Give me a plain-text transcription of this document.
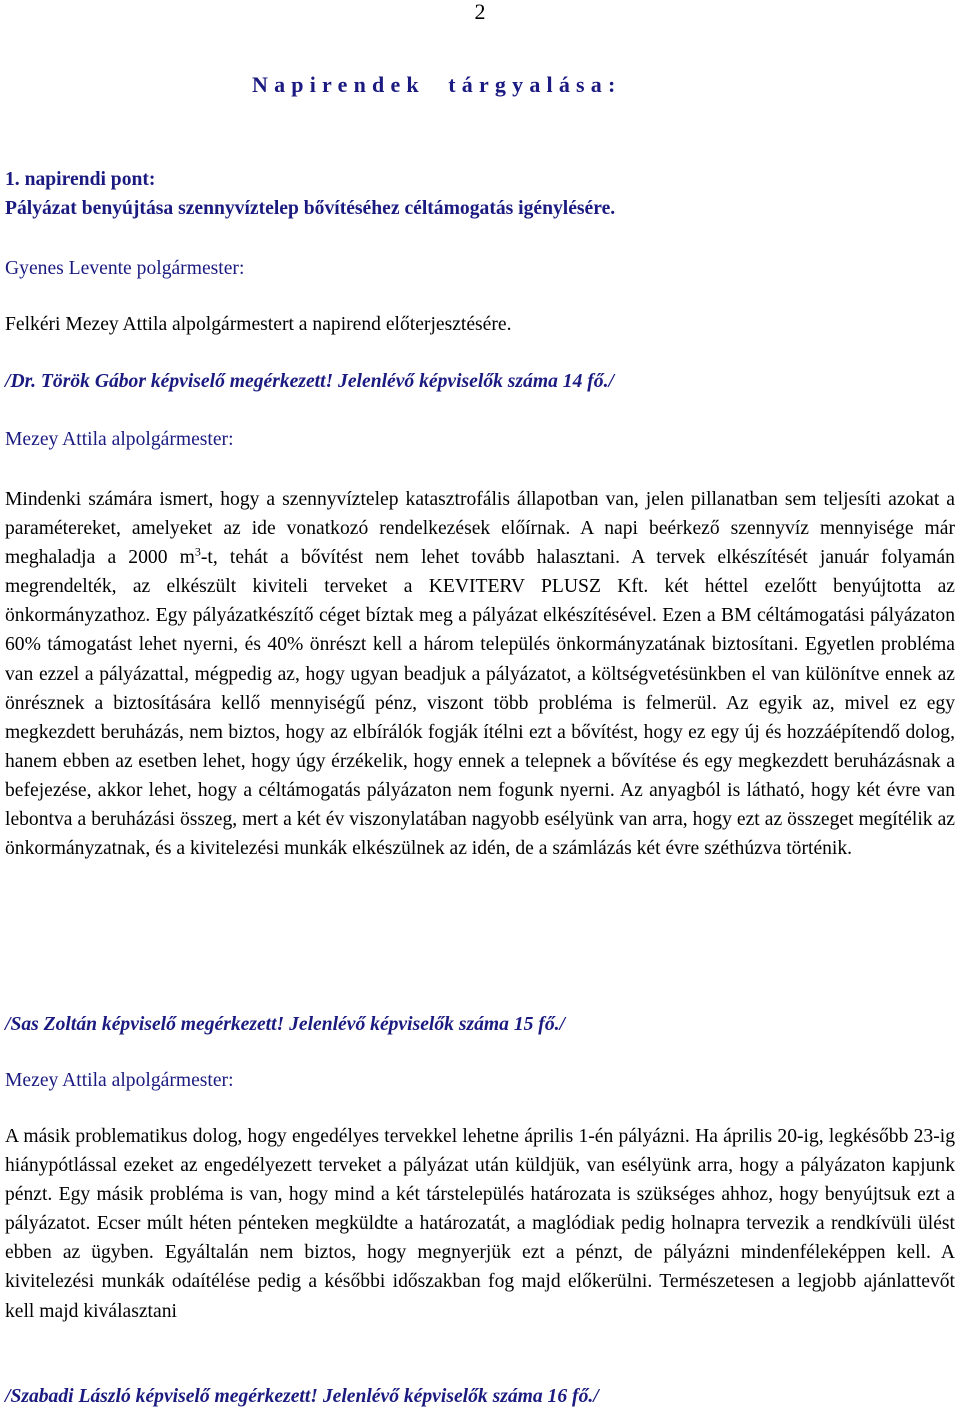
2
Napirendek  tárgyalása:
1. napirendi pont:
Pályázat benyújtása szennyvíztelep bővítéséhez céltámogatás igénylésére.
Gyenes Levente polgármester:
Felkéri Mezey Attila alpolgármestert a napirend előterjesztésére.
/Dr. Török Gábor képviselő megérkezett! Jelenlévő képviselők száma 14 fő./
Mezey Attila alpolgármester:
Mindenki számára ismert, hogy a szennyvíztelep katasztrofális állapotban van, jelen pillanatban sem teljesíti azokat a paramétereket, amelyeket az ide vonatkozó rendelkezések előírnak. A napi beérkező szennyvíz mennyisége már meghaladja a 2000 $m^3-t$, tehát a bővítést nem lehet tovább halasztani. A tervek elkészítését január folyamán megrendelték, az elkészült kiviteli terveket a KEVITERV PLUSZ Kft. két héttel ezelőtt benyújtotta az önkormányzathoz. Egy pályázatkészítő céget bíztak meg a pályázat elkészítésével. Ezen a BM céltámogatási pályázaton 60% támogatást lehet nyerni, és 40% önrészt kell a három település önkormányzatának biztosítani. Egyetlen probléma van ezzel a pályázattal, mégpedig az, hogy ugyan beadjuk a pályázatot, a költségvetésünkben el van különítve ennek az önrésznek a biztosítására kellő mennyiségű pénz, viszont több probléma is felmerül. Az egyik az, mivel ez egy megkezdett beruházás, nem biztos, hogy az elbírálók fogják ítélni ezt a bővítést, hogy ez egy új és hozzáépítendő dolog, hanem ebben az esetben lehet, hogy úgy érzékelik, hogy ennek a telepnek a bővítése és egy megkezdett beruházásnak a befejezése, akkor lehet, hogy a céltámogatás pályázaton nem fogunk nyerni. Az anyagból is látható, hogy két évre van lebontva a beruházási összeg, mert a két év viszonylatában nagyobb esélyünk van arra, hogy ezt az összeget megítélik az önkormányzatnak, és a kivitelezési munkák elkészülnek az idén, de a számlázás két évre széthúzva történik.
/Sas Zoltán képviselő megérkezett! Jelenlévő képviselők száma 15 fő./
Mezey Attila alpolgármester:
A másik problematikus dolog, hogy engedélyes tervekkel lehetne április 1-én pályázni. Ha április 20-ig, legkésőbb 23-ig hiánypótlással ezeket az engedélyezett terveket a pályázat után küldjük, van esélyünk arra, hogy a pályázaton kapjunk pénzt. Egy másik probléma is van, hogy mind a két társtelepülés határozata is szükséges ahhoz, hogy benyújtsuk ezt a pályázatot. Ecser múlt héten pénteken megküldte a határozatát, a maglódiak pedig holnapra tervezik a rendkívüli ülést ebben az ügyben. Egyáltalán nem biztos, hogy megnyerjük ezt a pénzt, de pályázni mindenféleképpen kell. A kivitelezési munkák odaítélése pedig a későbbi időszakban fog majd előkerülni. Természetesen a legjobb ajánlattevőt kell majd kiválasztani
/Szabadi László képviselő megérkezett! Jelenlévő képviselők száma 16 fő./
